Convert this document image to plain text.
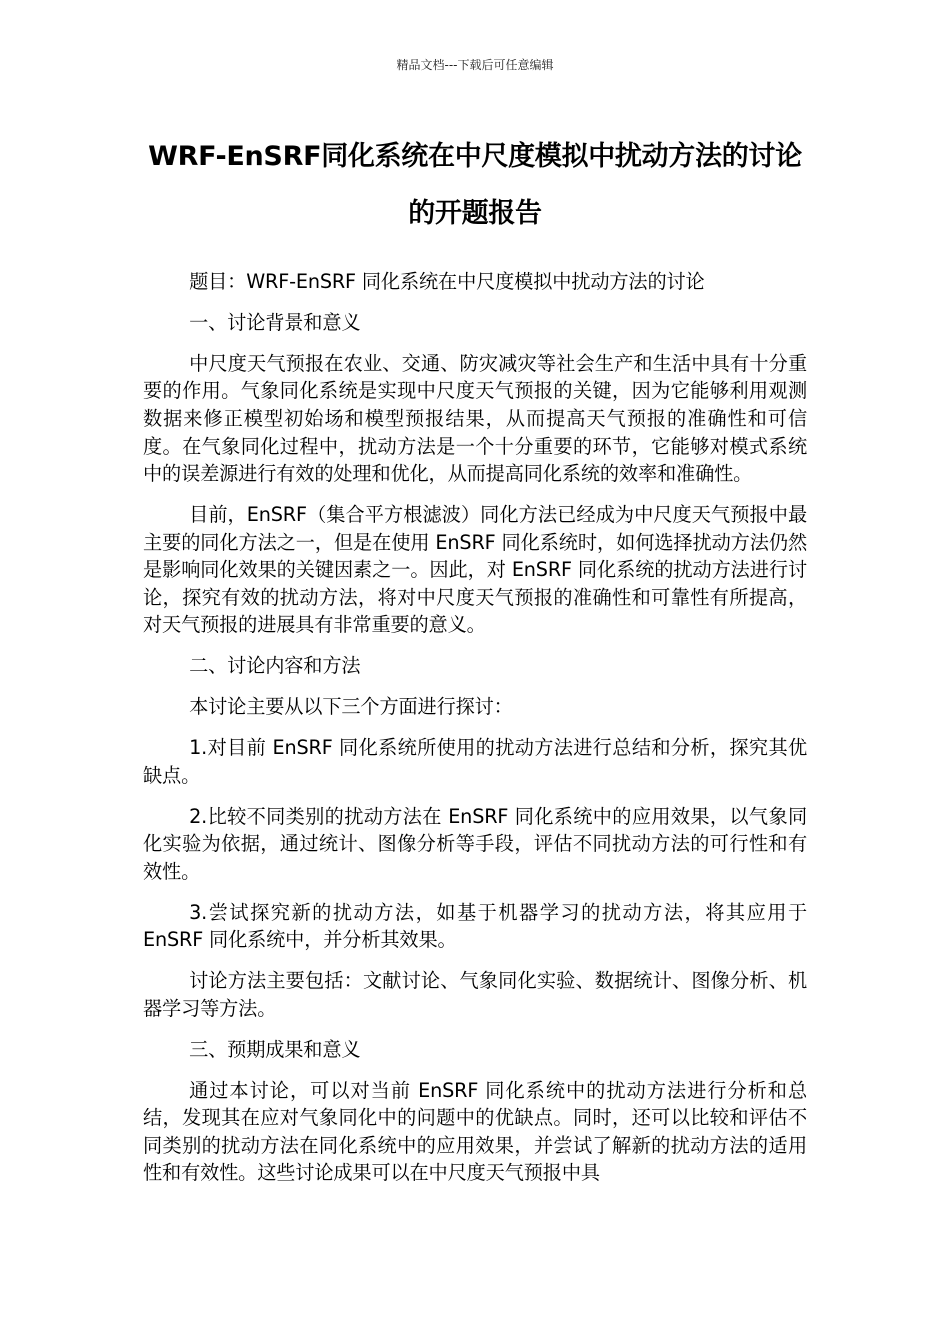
精品文档---下载后可任意编辑
WRF-EnSRF同化系统在中尺度模拟中扰动方法的讨论的开题报告

题目：WRF-EnSRF 同化系统在中尺度模拟中扰动方法的讨论

一、讨论背景和意义

中尺度天气预报在农业、交通、防灾减灾等社会生产和生活中具有十分重要的作用。气象同化系统是实现中尺度天气预报的关键，因为它能够利用观测数据来修正模型初始场和模型预报结果，从而提高天气预报的准确性和可信度。在气象同化过程中，扰动方法是一个十分重要的环节，它能够对模式系统中的误差源进行有效的处理和优化，从而提高同化系统的效率和准确性。

目前，EnSRF（集合平方根滤波）同化方法已经成为中尺度天气预报中最主要的同化方法之一，但是在使用 EnSRF 同化系统时，如何选择扰动方法仍然是影响同化效果的关键因素之一。因此，对 EnSRF 同化系统的扰动方法进行讨论，探究有效的扰动方法，将对中尺度天气预报的准确性和可靠性有所提高，对天气预报的进展具有非常重要的意义。

二、讨论内容和方法

本讨论主要从以下三个方面进行探讨：

1.对目前 EnSRF 同化系统所使用的扰动方法进行总结和分析，探究其优缺点。

2.比较不同类别的扰动方法在 EnSRF 同化系统中的应用效果，以气象同化实验为依据，通过统计、图像分析等手段，评估不同扰动方法的可行性和有效性。

3.尝试探究新的扰动方法，如基于机器学习的扰动方法，将其应用于 EnSRF 同化系统中，并分析其效果。

讨论方法主要包括：文献讨论、气象同化实验、数据统计、图像分析、机器学习等方法。

三、预期成果和意义

通过本讨论，可以对当前 EnSRF 同化系统中的扰动方法进行分析和总结，发现其在应对气象同化中的问题中的优缺点。同时，还可以比较和评估不同类别的扰动方法在同化系统中的应用效果，并尝试了解新的扰动方法的适用性和有效性。这些讨论成果可以在中尺度天气预报中具
